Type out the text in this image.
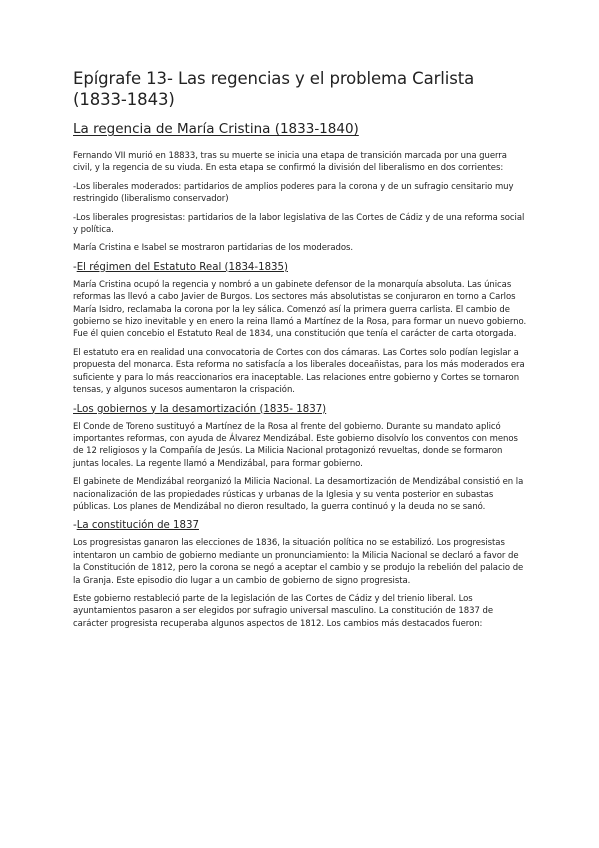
Epígrafe 13- Las regencias y el problema Carlista (1833-1843)
La regencia de María Cristina (1833-1840)

Fernando VII murió en 18833, tras su muerte se inicia una etapa de transición marcada por una guerra civil, y la regencia de su viuda. En esta etapa se confirmó la división del liberalismo en dos corrientes:

-Los liberales moderados: partidarios de amplios poderes para la corona y de un sufragio censitario muy restringido (liberalismo conservador)

-Los liberales progresistas: partidarios de la labor legislativa de las Cortes de Cádiz y de una reforma social y política.

María Cristina e Isabel se mostraron partidarias de los moderados.

-El régimen del Estatuto Real (1834-1835)

María Cristina ocupó la regencia y nombró a un gabinete defensor de la monarquía absoluta. Las únicas reformas las llevó a cabo Javier de Burgos. Los sectores más absolutistas se conjuraron en torno a Carlos María Isidro, reclamaba la corona por la ley sálica. Comenzó así la primera guerra carlista. El cambio de gobierno se hizo inevitable y en enero la reina llamó a Martínez de la Rosa, para formar un nuevo gobierno. Fue él quien concebio el Estatuto Real de 1834, una constitución que tenía el carácter de carta otorgada.

El estatuto era en realidad una convocatoria de Cortes con dos cámaras. Las Cortes solo podían legislar a propuesta del monarca. Esta reforma no satisfacía a los liberales doceañistas, para los más moderados era suficiente y para lo más reaccionarios era inaceptable. Las relaciones entre gobierno y Cortes se tornaron tensas, y algunos sucesos aumentaron la crispación.

-Los gobiernos y la desamortización (1835- 1837)

El Conde de Toreno sustituyó a Martínez de la Rosa al frente del gobierno. Durante su mandato aplicó importantes reformas, con ayuda de Álvarez Mendizábal. Este gobierno disolvío los conventos con menos de 12 religiosos y la Compañía de Jesús. La Milicia Nacional protagonizó revueltas, donde se formaron juntas locales. La regente llamó a Mendizábal, para formar gobierno.

El gabinete de Mendizábal reorganizó la Milicia Nacional. La desamortización de Mendizábal consistió en la nacionalización de las propiedades rústicas y urbanas de la Iglesia y su venta posterior en subastas públicas. Los planes de Mendizábal no dieron resultado, la guerra continuó y la deuda no se sanó.

-La constitución de 1837

Los progresistas ganaron las elecciones de 1836, la situación política no se estabilizó. Los progresistas intentaron un cambio de gobierno mediante un pronunciamiento: la Milicia Nacional se declaró a favor de la Constitución de 1812, pero la corona se negó a aceptar el cambio y se produjo la rebelión del palacio de la Granja. Este episodio dio lugar a un cambio de gobierno de signo progresista.

Este gobierno restableció parte de la legislación de las Cortes de Cádiz y del trienio liberal. Los ayuntamientos pasaron a ser elegidos por sufragio universal masculino. La constitución de 1837 de carácter progresista recuperaba algunos aspectos de 1812. Los cambios más destacados fueron:
